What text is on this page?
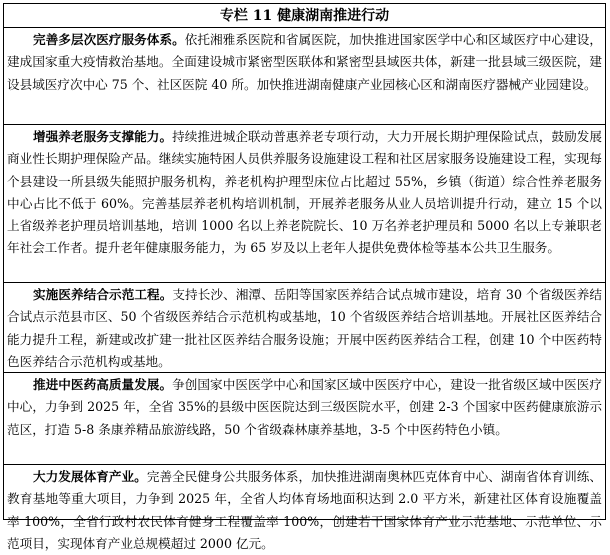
专栏 11 健康湖南推进行动
完善多层次医疗服务体系。依托湘雅系医院和省属医院，加快推进国家医学中心和区域医疗中心建设，建成国家重大疫情救治基地。全面建设城市紧密型医联体和紧密型县域医共体，新建一批县域三级医院，建设县域医疗次中心 75 个、社区医院 40 所。加快推进湖南健康产业园核心区和湖南医疗器械产业园建设。
增强养老服务支撑能力。持续推进城企联动普惠养老专项行动，大力开展长期护理保险试点，鼓励发展商业性长期护理保险产品。继续实施特困人员供养服务设施建设工程和社区居家服务设施建设工程，实现每个县建设一所县级失能照护服务机构，养老机构护理型床位占比超过 55%，乡镇（街道）综合性养老服务中心占比不低于 60%。完善基层养老机构培训机制，开展养老服务从业人员培训提升行动，建立 15 个以上省级养老护理员培训基地，培训 1000 名以上养老院院长、10 万名养老护理员和 5000 名以上专兼职老年社会工作者。提升老年健康服务能力，为 65 岁及以上老年人提供免费体检等基本公共卫生服务。
实施医养结合示范工程。支持长沙、湘潭、岳阳等国家医养结合试点城市建设，培育 30 个省级医养结合试点示范县市区、50 个省级医养结合示范机构或基地，10 个省级医养结合培训基地。开展社区医养结合能力提升工程，新建或改扩建一批社区医养结合服务设施；开展中医药医养结合工程，创建 10 个中医药特色医养结合示范机构或基地。
推进中医药高质量发展。争创国家中医医学中心和国家区域中医医疗中心，建设一批省级区域中医医疗中心，力争到 2025 年，全省 35%的县级中医医院达到三级医院水平，创建 2-3 个国家中医药健康旅游示范区，打造 5-8 条康养精品旅游线路，50 个省级森林康养基地，3-5 个中医药特色小镇。
大力发展体育产业。完善全民健身公共服务体系，加快推进湖南奥林匹克体育中心、湖南省体育训练、教育基地等重大项目，力争到 2025 年，全省人均体育场地面积达到 2.0 平方米，新建社区体育设施覆盖率 100%，全省行政村农民体育健身工程覆盖率 100%，创建若干国家体育产业示范基地、示范单位、示范项目，实现体育产业总规模超过 2000 亿元。
